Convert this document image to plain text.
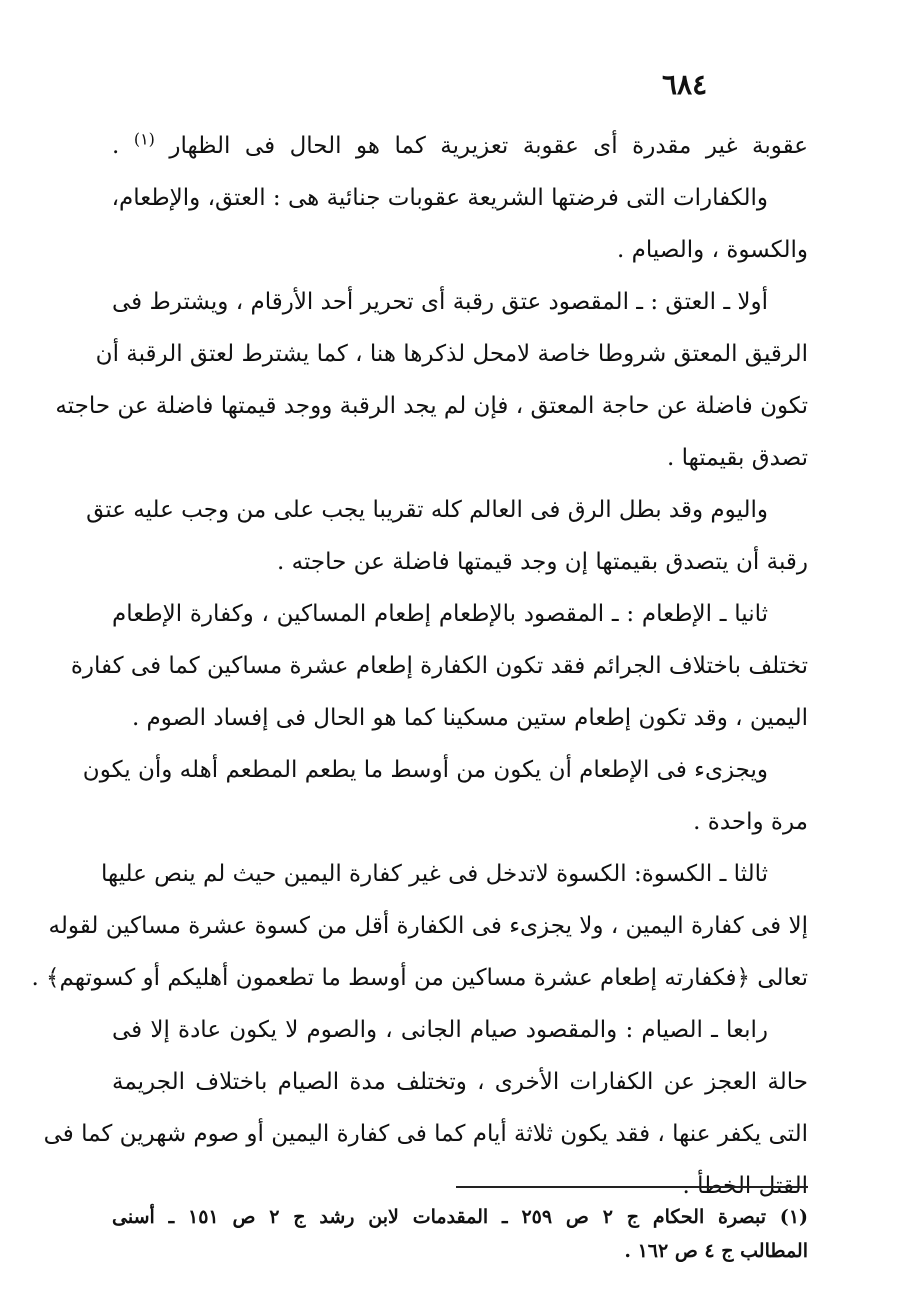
٦٨٤
عقوبة غير مقدرة أى عقوبة تعزيرية كما هو الحال فى الظهار $^{(١)}$ .
والكفارات التى فرضتها الشريعة عقوبات جنائية هى : العتق، والإطعام،
والكسوة ، والصيام .
أولا ـ العتق : ـ المقصود عتق رقبة أى تحرير أحد الأرقام ، ويشترط فى
الرقيق المعتق شروطا خاصة لامحل لذكرها هنا ، كما يشترط لعتق الرقبة أن
تكون فاضلة عن حاجة المعتق ، فإن لم يجد الرقبة ووجد قيمتها فاضلة عن حاجته
تصدق بقيمتها .
واليوم وقد بطل الرق فى العالم كله تقريبا يجب على من وجب عليه عتق
رقبة أن يتصدق بقيمتها إن وجد قيمتها فاضلة عن حاجته .
ثانيا ـ الإطعام : ـ المقصود بالإطعام إطعام المساكين ، وكفارة الإطعام
تختلف باختلاف الجرائم فقد تكون الكفارة إطعام عشرة مساكين كما فى كفارة
اليمين ، وقد تكون إطعام ستين مسكينا كما هو الحال فى إفساد الصوم .
ويجزىء فى الإطعام أن يكون من أوسط ما يطعم المطعم أهله وأن يكون
مرة واحدة .
ثالثا ـ الكسوة: الكسوة لاتدخل فى غير كفارة اليمين حيث لم ينص عليها
إلا فى كفارة اليمين ، ولا يجزىء فى الكفارة أقل من كسوة عشرة مساكين لقوله
تعالى ﴿فكفارته إطعام عشرة مساكين من أوسط ما تطعمون أهليكم أو كسوتهم﴾ .
رابعا ـ الصيام : والمقصود صيام الجانى ، والصوم لا يكون عادة إلا فى
حالة العجز عن الكفارات الأخرى ، وتختلف مدة الصيام باختلاف الجريمة
التى يكفر عنها ، فقد يكون ثلاثة أيام كما فى كفارة اليمين أو صوم شهرين كما فى
القتل الخطأ .
(١) تبصرة الحكام ج ٢ ص ٢٥٩ ـ المقدمات لابن رشد ج ٢ ص ١٥١ ـ أسنى
المطالب ج ٤ ص ١٦٢ .
